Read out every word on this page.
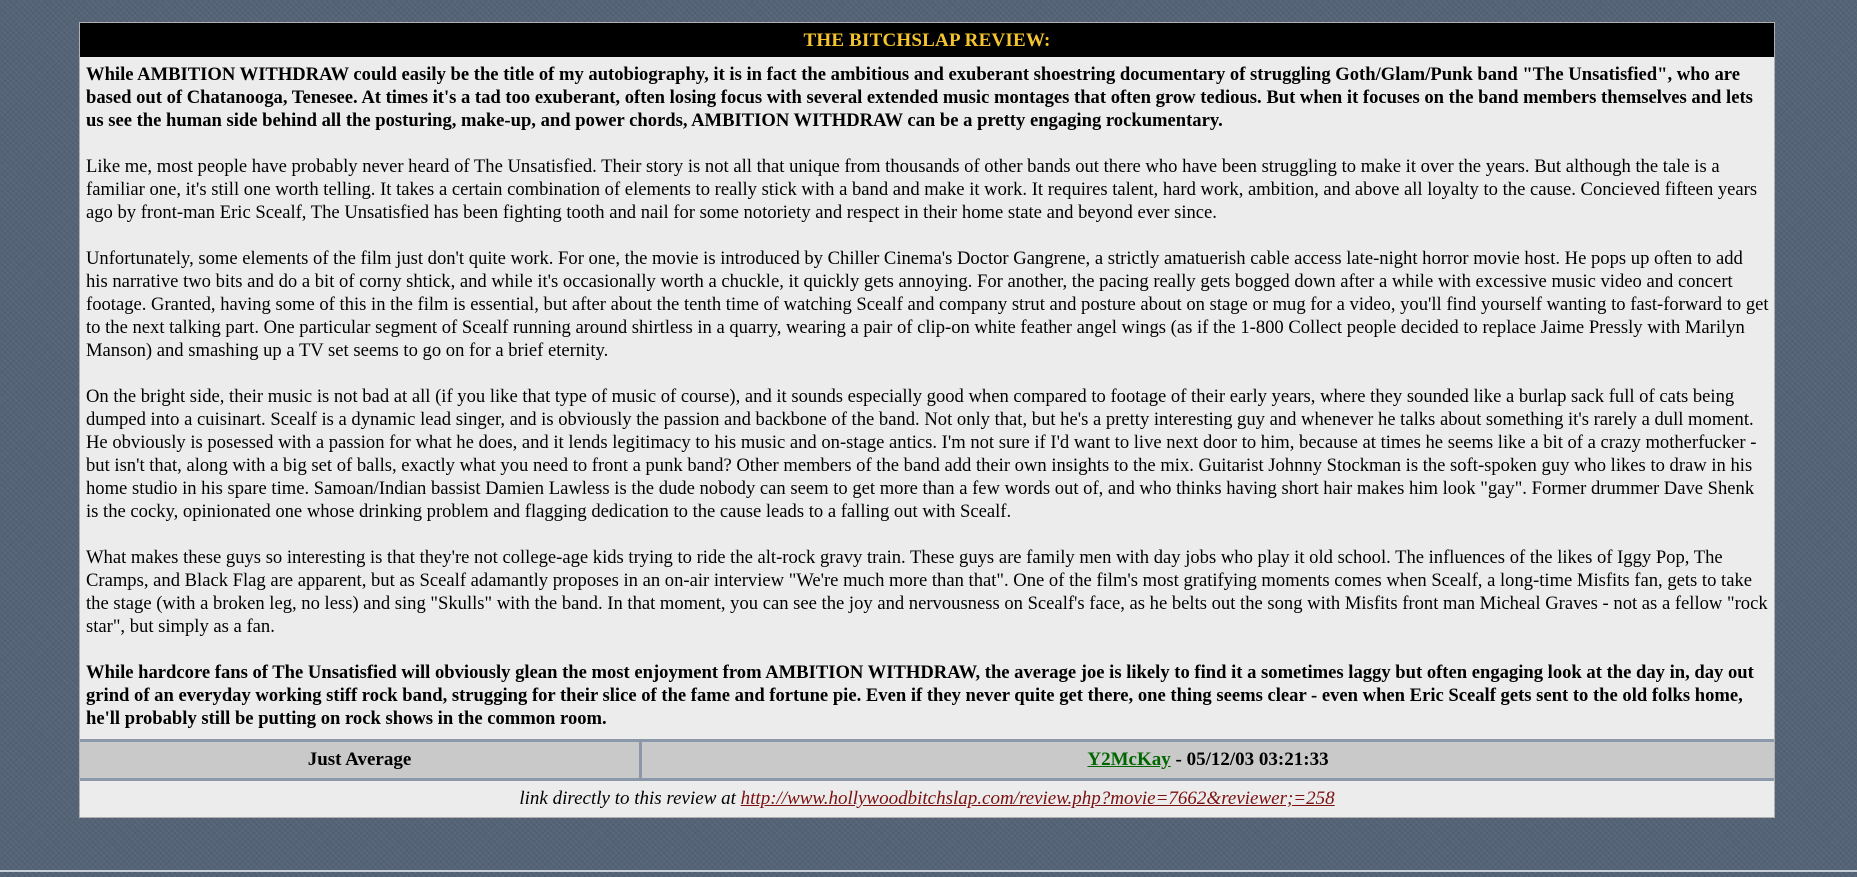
THE BITCHSLAP REVIEW:

While AMBITION WITHDRAW could easily be the title of my autobiography, it is in fact the ambitious and exuberant shoestring documentary of struggling Goth/Glam/Punk band "The Unsatisfied", who are based out of Chatanooga, Tenesee. At times it's a tad too exuberant, often losing focus with several extended music montages that often grow tedious. But when it focuses on the band members themselves and lets us see the human side behind all the posturing, make-up, and power chords, AMBITION WITHDRAW can be a pretty engaging rockumentary.

Like me, most people have probably never heard of The Unsatisfied. Their story is not all that unique from thousands of other bands out there who have been struggling to make it over the years. But although the tale is a familiar one, it's still one worth telling. It takes a certain combination of elements to really stick with a band and make it work. It requires talent, hard work, ambition, and above all loyalty to the cause. Concieved fifteen years ago by front-man Eric Scealf, The Unsatisfied has been fighting tooth and nail for some notoriety and respect in their home state and beyond ever since.

Unfortunately, some elements of the film just don't quite work. For one, the movie is introduced by Chiller Cinema's Doctor Gangrene, a strictly amatuerish cable access late-night horror movie host. He pops up often to add his narrative two bits and do a bit of corny shtick, and while it's occasionally worth a chuckle, it quickly gets annoying. For another, the pacing really gets bogged down after a while with excessive music video and concert footage. Granted, having some of this in the film is essential, but after about the tenth time of watching Scealf and company strut and posture about on stage or mug for a video, you'll find yourself wanting to fast-forward to get to the next talking part. One particular segment of Scealf running around shirtless in a quarry, wearing a pair of clip-on white feather angel wings (as if the 1-800 Collect people decided to replace Jaime Pressly with Marilyn Manson) and smashing up a TV set seems to go on for a brief eternity.

On the bright side, their music is not bad at all (if you like that type of music of course), and it sounds especially good when compared to footage of their early years, where they sounded like a burlap sack full of cats being dumped into a cuisinart. Scealf is a dynamic lead singer, and is obviously the passion and backbone of the band. Not only that, but he's a pretty interesting guy and whenever he talks about something it's rarely a dull moment. He obviously is posessed with a passion for what he does, and it lends legitimacy to his music and on-stage antics. I'm not sure if I'd want to live next door to him, because at times he seems like a bit of a crazy motherfucker - but isn't that, along with a big set of balls, exactly what you need to front a punk band? Other members of the band add their own insights to the mix. Guitarist Johnny Stockman is the soft-spoken guy who likes to draw in his home studio in his spare time. Samoan/Indian bassist Damien Lawless is the dude nobody can seem to get more than a few words out of, and who thinks having short hair makes him look "gay". Former drummer Dave Shenk is the cocky, opinionated one whose drinking problem and flagging dedication to the cause leads to a falling out with Scealf.

What makes these guys so interesting is that they're not college-age kids trying to ride the alt-rock gravy train. These guys are family men with day jobs who play it old school. The influences of the likes of Iggy Pop, The Cramps, and Black Flag are apparent, but as Scealf adamantly proposes in an on-air interview "We're much more than that". One of the film's most gratifying moments comes when Scealf, a long-time Misfits fan, gets to take the stage (with a broken leg, no less) and sing "Skulls" with the band. In that moment, you can see the joy and nervousness on Scealf's face, as he belts out the song with Misfits front man Micheal Graves - not as a fellow "rock star", but simply as a fan.

While hardcore fans of The Unsatisfied will obviously glean the most enjoyment from AMBITION WITHDRAW, the average joe is likely to find it a sometimes laggy but often engaging look at the day in, day out grind of an everyday working stiff rock band, strugging for their slice of the fame and fortune pie. Even if they never quite get there, one thing seems clear - even when Eric Scealf gets sent to the old folks home, he'll probably still be putting on rock shows in the common room.

Just Average	Y2McKay - 05/12/03 03:21:33
link directly to this review at http://www.hollywoodbitchslap.com/review.php?movie=7662&reviewer;=258
